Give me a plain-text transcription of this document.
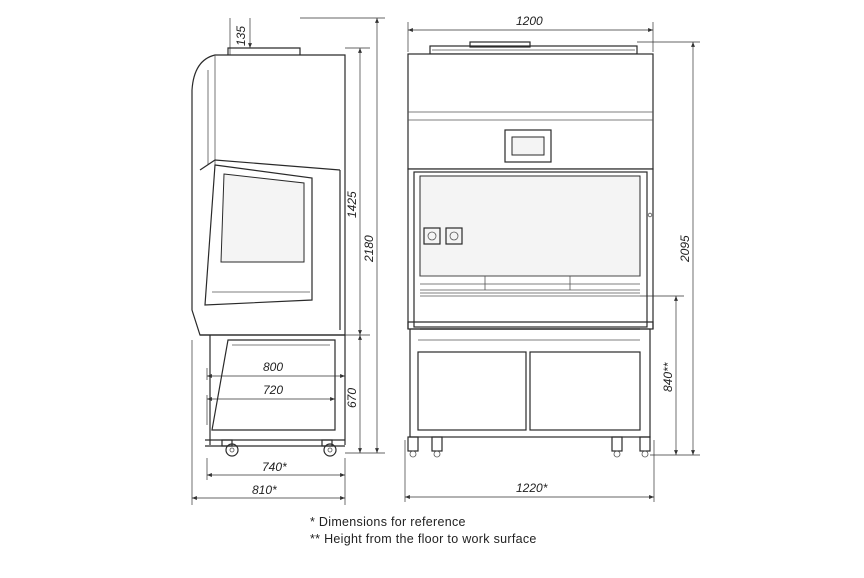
135
1425
2180
670
800
720
740*
810*
1200
2095
840**
1220*
* Dimensions for reference
** Height from the floor to work surface
